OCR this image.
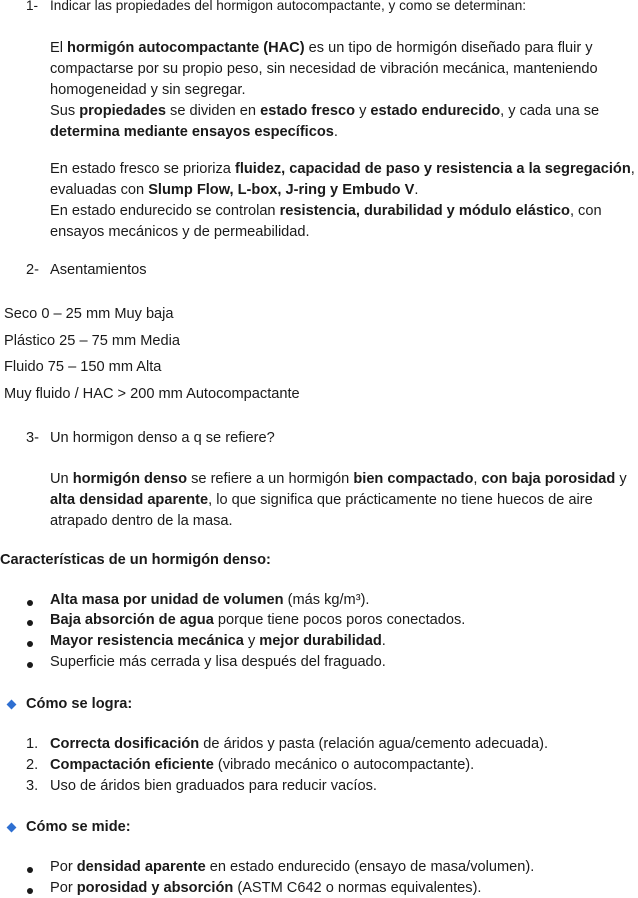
1- Indicar las propiedades del hormigon autocompactante, y como se determinan:
El hormigón autocompactante (HAC) es un tipo de hormigón diseñado para fluir y compactarse por su propio peso, sin necesidad de vibración mecánica, manteniendo homogeneidad y sin segregar.
Sus propiedades se dividen en estado fresco y estado endurecido, y cada una se determina mediante ensayos específicos.
En estado fresco se prioriza fluidez, capacidad de paso y resistencia a la segregación, evaluadas con Slump Flow, L-box, J-ring y Embudo V.
En estado endurecido se controlan resistencia, durabilidad y módulo elástico, con ensayos mecánicos y de permeabilidad.
2- Asentamientos
Seco 0 – 25 mm Muy baja
Plástico 25 – 75 mm Media
Fluido 75 – 150 mm Alta
Muy fluido / HAC > 200 mm Autocompactante
3- Un hormigon denso a q se refiere?
Un hormigón denso se refiere a un hormigón bien compactado, con baja porosidad y alta densidad aparente, lo que significa que prácticamente no tiene huecos de aire atrapado dentro de la masa.
Características de un hormigón denso:
Alta masa por unidad de volumen (más kg/m³).
Baja absorción de agua porque tiene pocos poros conectados.
Mayor resistencia mecánica y mejor durabilidad.
Superficie más cerrada y lisa después del fraguado.
Cómo se logra:
1. Correcta dosificación de áridos y pasta (relación agua/cemento adecuada).
2. Compactación eficiente (vibrado mecánico o autocompactante).
3. Uso de áridos bien graduados para reducir vacíos.
Cómo se mide:
Por densidad aparente en estado endurecido (ensayo de masa/volumen).
Por porosidad y absorción (ASTM C642 o normas equivalentes).
